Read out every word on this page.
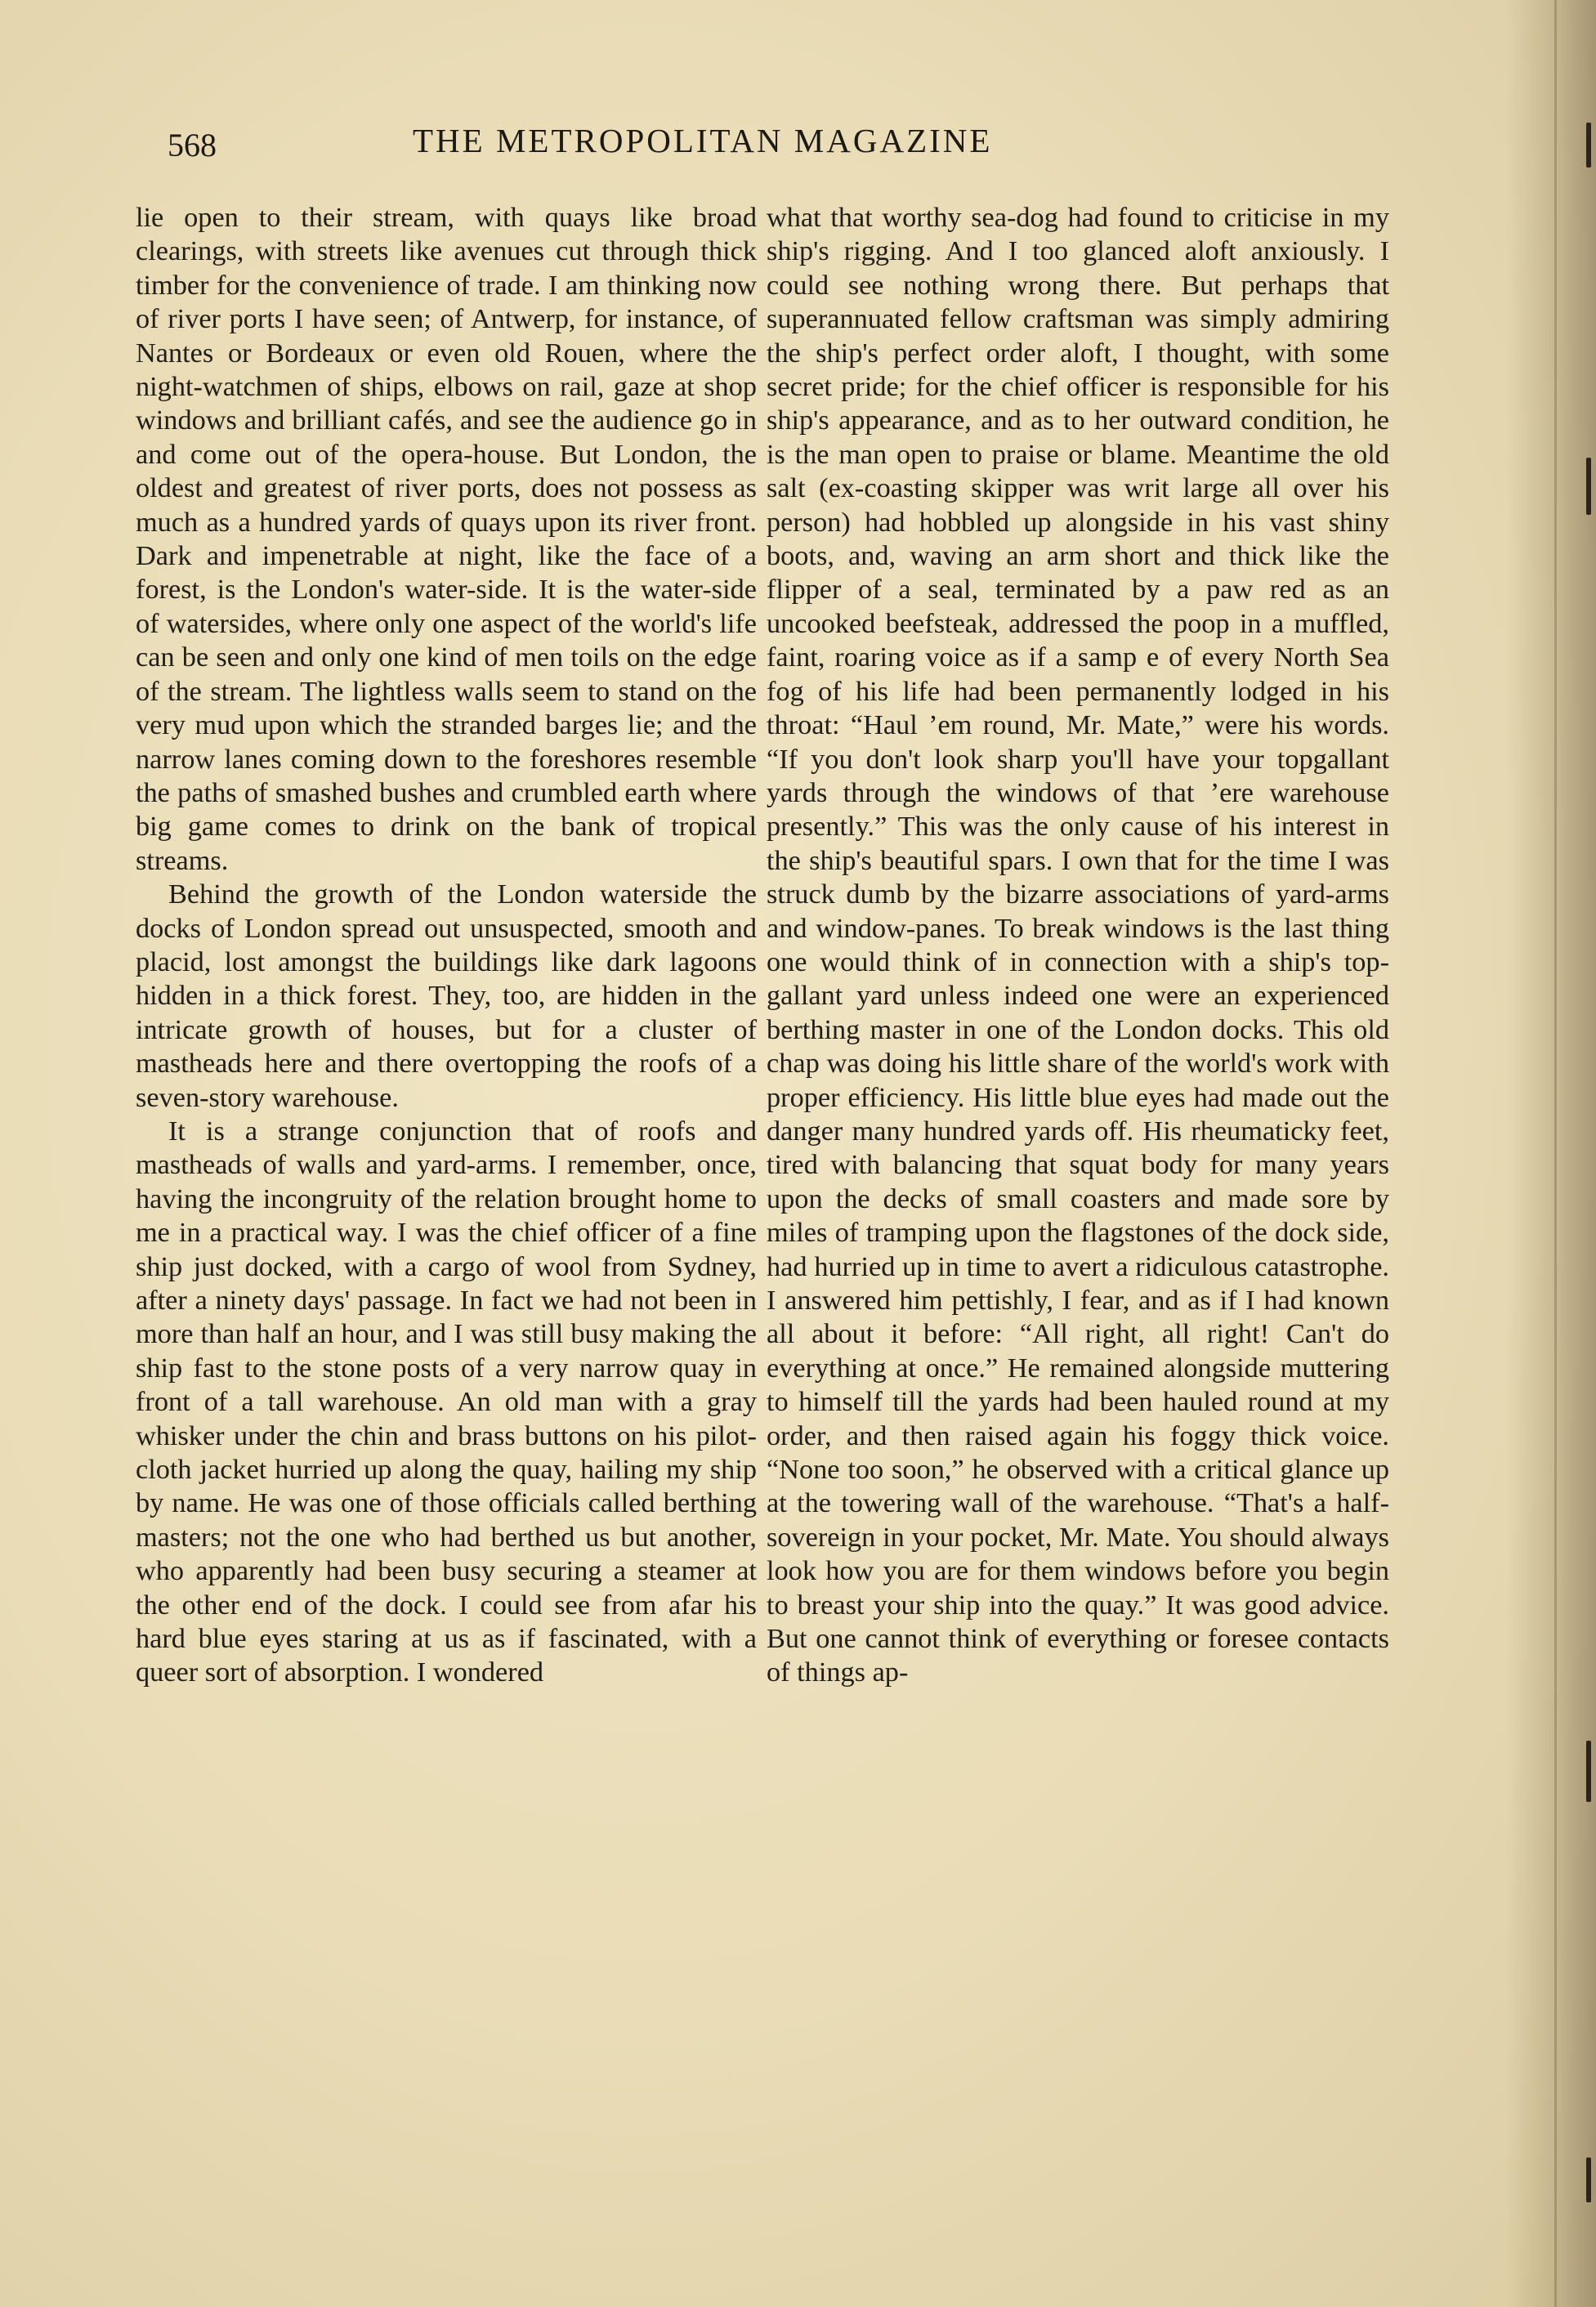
568	THE METROPOLITAN MAGAZINE

lie open to their stream, with quays like broad clearings, with streets like avenues cut through thick timber for the convenience of trade. I am thinking now of river ports I have seen; of Antwerp, for instance, of Nantes or Bordeaux or even old Rouen, where the night-watchmen of ships, elbows on rail, gaze at shop windows and brilliant cafés, and see the audience go in and come out of the opera-house. But London, the oldest and greatest of river ports, does not possess as much as a hundred yards of quays upon its river front. Dark and impenetrable at night, like the face of a forest, is the London's water-side. It is the water-side of watersides, where only one aspect of the world's life can be seen and only one kind of men toils on the edge of the stream. The lightless walls seem to stand on the very mud upon which the stranded barges lie; and the narrow lanes coming down to the foreshores resemble the paths of smashed bushes and crumbled earth where big game comes to drink on the bank of tropical streams.

Behind the growth of the London waterside the docks of London spread out unsuspected, smooth and placid, lost amongst the buildings like dark lagoons hidden in a thick forest. They, too, are hidden in the intricate growth of houses, but for a cluster of mastheads here and there overtopping the roofs of a seven-story warehouse.

It is a strange conjunction that of roofs and mastheads of walls and yard-arms. I remember, once, having the incongruity of the relation brought home to me in a practical way. I was the chief officer of a fine ship just docked, with a cargo of wool from Sydney, after a ninety days' passage. In fact we had not been in more than half an hour, and I was still busy making the ship fast to the stone posts of a very narrow quay in front of a tall warehouse. An old man with a gray whisker under the chin and brass buttons on his pilot-cloth jacket hurried up along the quay, hailing my ship by name. He was one of those officials called berthing masters; not the one who had berthed us but another, who apparently had been busy securing a steamer at the other end of the dock. I could see from afar his hard blue eyes staring at us as if fascinated, with a queer sort of absorption. I wondered

what that worthy sea-dog had found to criticise in my ship's rigging. And I too glanced aloft anxiously. I could see nothing wrong there. But perhaps that superannuated fellow craftsman was simply admiring the ship's perfect order aloft, I thought, with some secret pride; for the chief officer is responsible for his ship's appearance, and as to her outward condition, he is the man open to praise or blame. Meantime the old salt (ex-coasting skipper was writ large all over his person) had hobbled up alongside in his vast shiny boots, and, waving an arm short and thick like the flipper of a seal, terminated by a paw red as an uncooked beefsteak, addressed the poop in a muffled, faint, roaring voice as if a samp e of every North Sea fog of his life had been permanently lodged in his throat: “Haul ’em round, Mr. Mate,” were his words. “If you don't look sharp you'll have your topgallant yards through the windows of that ’ere warehouse presently.” This was the only cause of his interest in the ship's beautiful spars. I own that for the time I was struck dumb by the bizarre associations of yard-arms and window-panes. To break windows is the last thing one would think of in connection with a ship's top-gallant yard unless indeed one were an experienced berthing master in one of the London docks. This old chap was doing his little share of the world's work with proper efficiency. His little blue eyes had made out the danger many hundred yards off. His rheumaticky feet, tired with balancing that squat body for many years upon the decks of small coasters and made sore by miles of tramping upon the flagstones of the dock side, had hurried up in time to avert a ridiculous catastrophe. I answered him pettishly, I fear, and as if I had known all about it before: “All right, all right! Can't do everything at once.” He remained alongside muttering to himself till the yards had been hauled round at my order, and then raised again his foggy thick voice. “None too soon,” he observed with a critical glance up at the towering wall of the warehouse. “That's a half-sovereign in your pocket, Mr. Mate. You should always look how you are for them windows before you begin to breast your ship into the quay.” It was good advice. But one cannot think of everything or foresee contacts of things ap-
